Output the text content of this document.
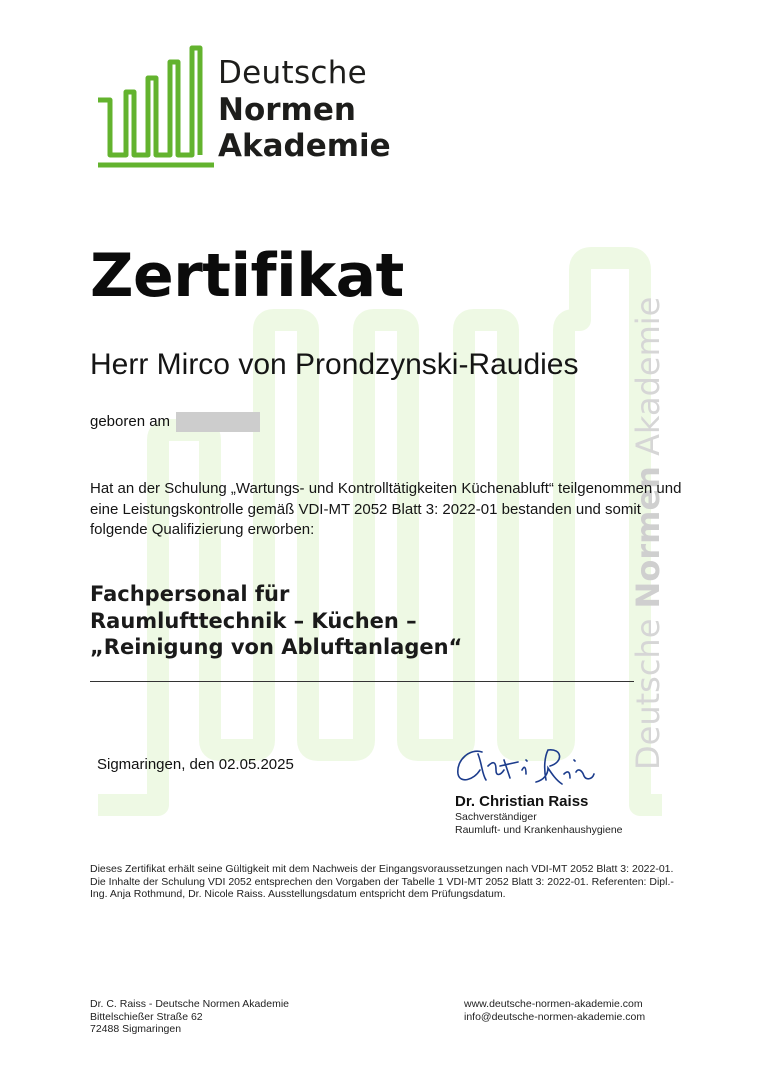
Deutsche Normen Akademie
Deutsche
Normen
Akademie
Zertifikat
Herr Mirco von Prondzynski-Raudies
geboren am
Hat an der Schulung „Wartungs- und Kontrolltätigkeiten Küchenabluft“ teilgenommen und eine Leistungskontrolle gemäß VDI-MT 2052 Blatt 3: 2022-01 bestanden und somit folgende Qualifizierung erworben:
Fachpersonal für
Raumlufttechnik – Küchen –
„Reinigung von Abluftanlagen“
Sigmaringen, den 02.05.2025
Dr. Christian Raiss
Sachverständiger
Raumluft- und Krankenhaushygiene
Dieses Zertifikat erhält seine Gültigkeit mit dem Nachweis der Eingangsvoraussetzungen nach VDI-MT 2052 Blatt 3: 2022-01. Die Inhalte der Schulung VDI 2052 entsprechen den Vorgaben der Tabelle 1 VDI-MT 2052 Blatt 3: 2022-01. Referenten: Dipl.-Ing. Anja Rothmund, Dr. Nicole Raiss. Ausstellungsdatum entspricht dem Prüfungsdatum.
Dr. C. Raiss - Deutsche Normen Akademie
Bittelschießer Straße 62
72488 Sigmaringen
www.deutsche-normen-akademie.com
info@deutsche-normen-akademie.com
